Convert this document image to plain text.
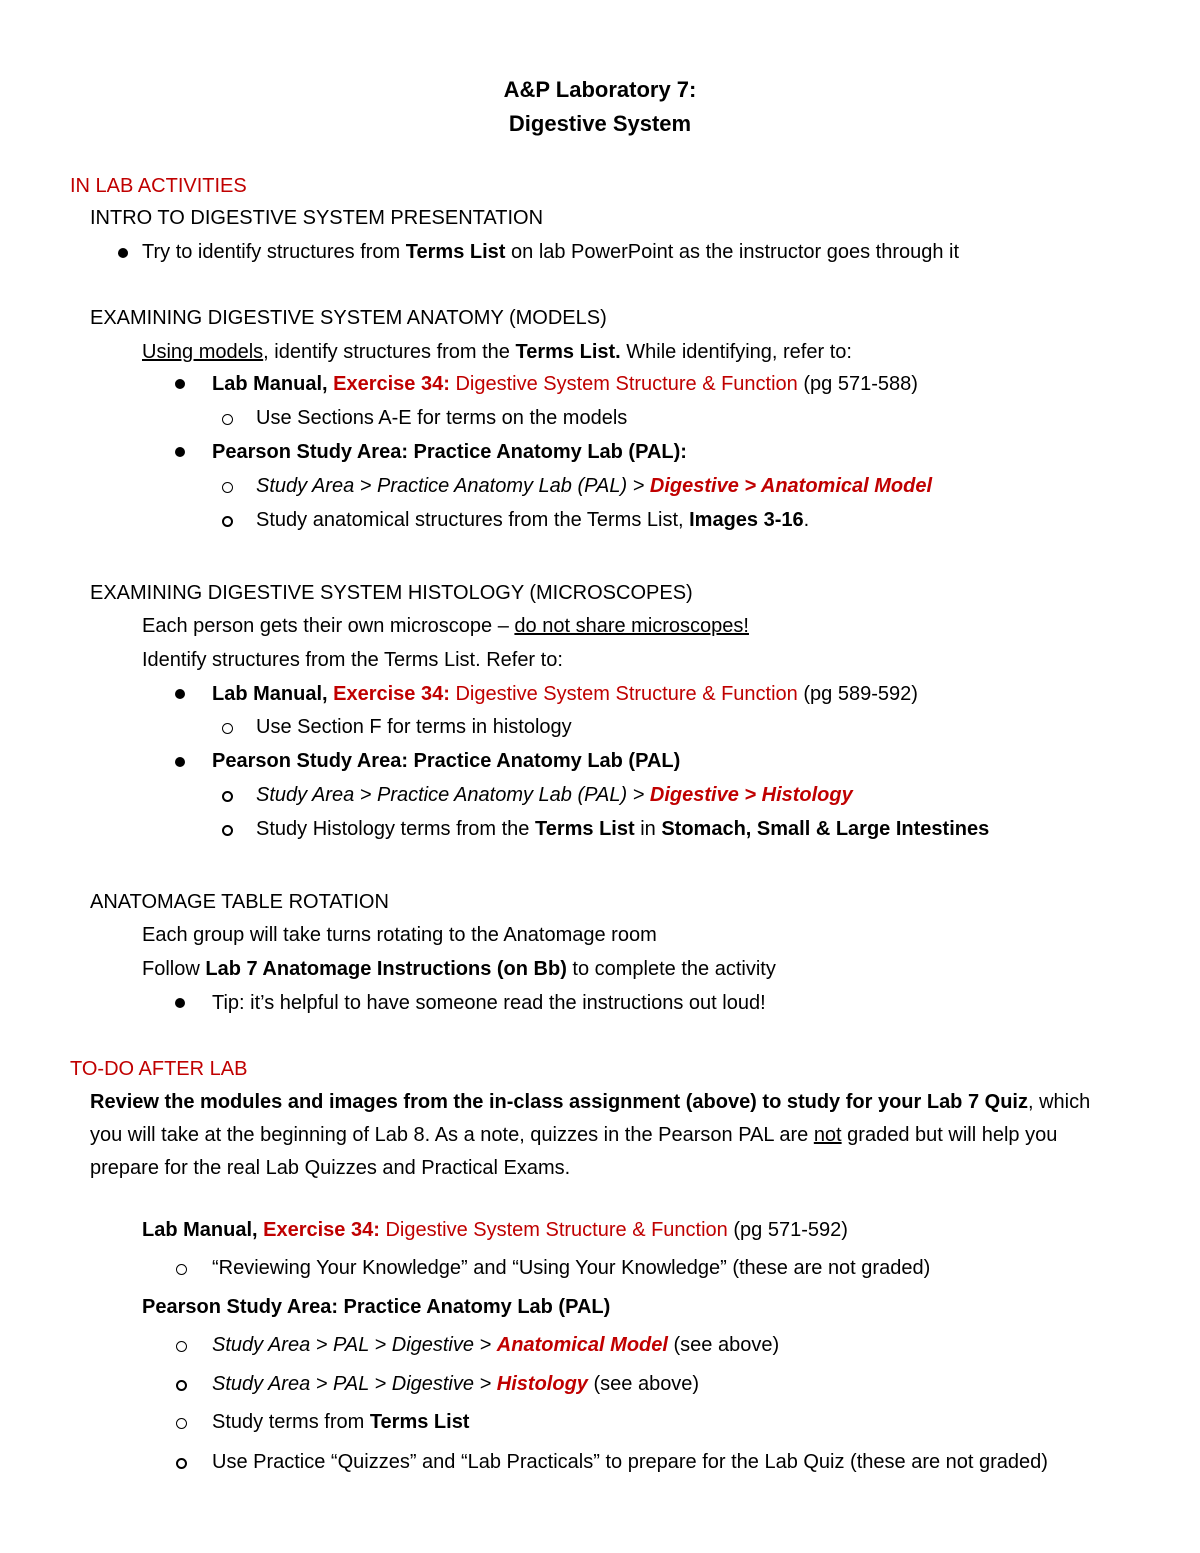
A&P Laboratory 7:
Digestive System
IN LAB ACTIVITIES
INTRO TO DIGESTIVE SYSTEM PRESENTATION
Try to identify structures from Terms List on lab PowerPoint as the instructor goes through it
EXAMINING DIGESTIVE SYSTEM ANATOMY (MODELS)
Using models, identify structures from the Terms List. While identifying, refer to:
Lab Manual, Exercise 34: Digestive System Structure & Function (pg 571-588)
Use Sections A-E for terms on the models
Pearson Study Area: Practice Anatomy Lab (PAL):
Study Area > Practice Anatomy Lab (PAL) > Digestive > Anatomical Model
Study anatomical structures from the Terms List, Images 3-16.
EXAMINING DIGESTIVE SYSTEM HISTOLOGY (MICROSCOPES)
Each person gets their own microscope – do not share microscopes!
Identify structures from the Terms List. Refer to:
Lab Manual, Exercise 34: Digestive System Structure & Function (pg 589-592)
Use Section F for terms in histology
Pearson Study Area: Practice Anatomy Lab (PAL)
Study Area > Practice Anatomy Lab (PAL) > Digestive > Histology
Study Histology terms from the Terms List in Stomach, Small & Large Intestines
ANATOMAGE TABLE ROTATION
Each group will take turns rotating to the Anatomage room
Follow Lab 7 Anatomage Instructions (on Bb) to complete the activity
Tip: it’s helpful to have someone read the instructions out loud!
TO-DO AFTER LAB
Review the modules and images from the in-class assignment (above) to study for your Lab 7 Quiz, which
you will take at the beginning of Lab 8. As a note, quizzes in the Pearson PAL are not graded but will help you
prepare for the real Lab Quizzes and Practical Exams.
Lab Manual, Exercise 34: Digestive System Structure & Function (pg 571-592)
“Reviewing Your Knowledge” and “Using Your Knowledge” (these are not graded)
Pearson Study Area: Practice Anatomy Lab (PAL)
Study Area > PAL > Digestive > Anatomical Model (see above)
Study Area > PAL > Digestive > Histology (see above)
Study terms from Terms List
Use Practice “Quizzes” and “Lab Practicals” to prepare for the Lab Quiz (these are not graded)
